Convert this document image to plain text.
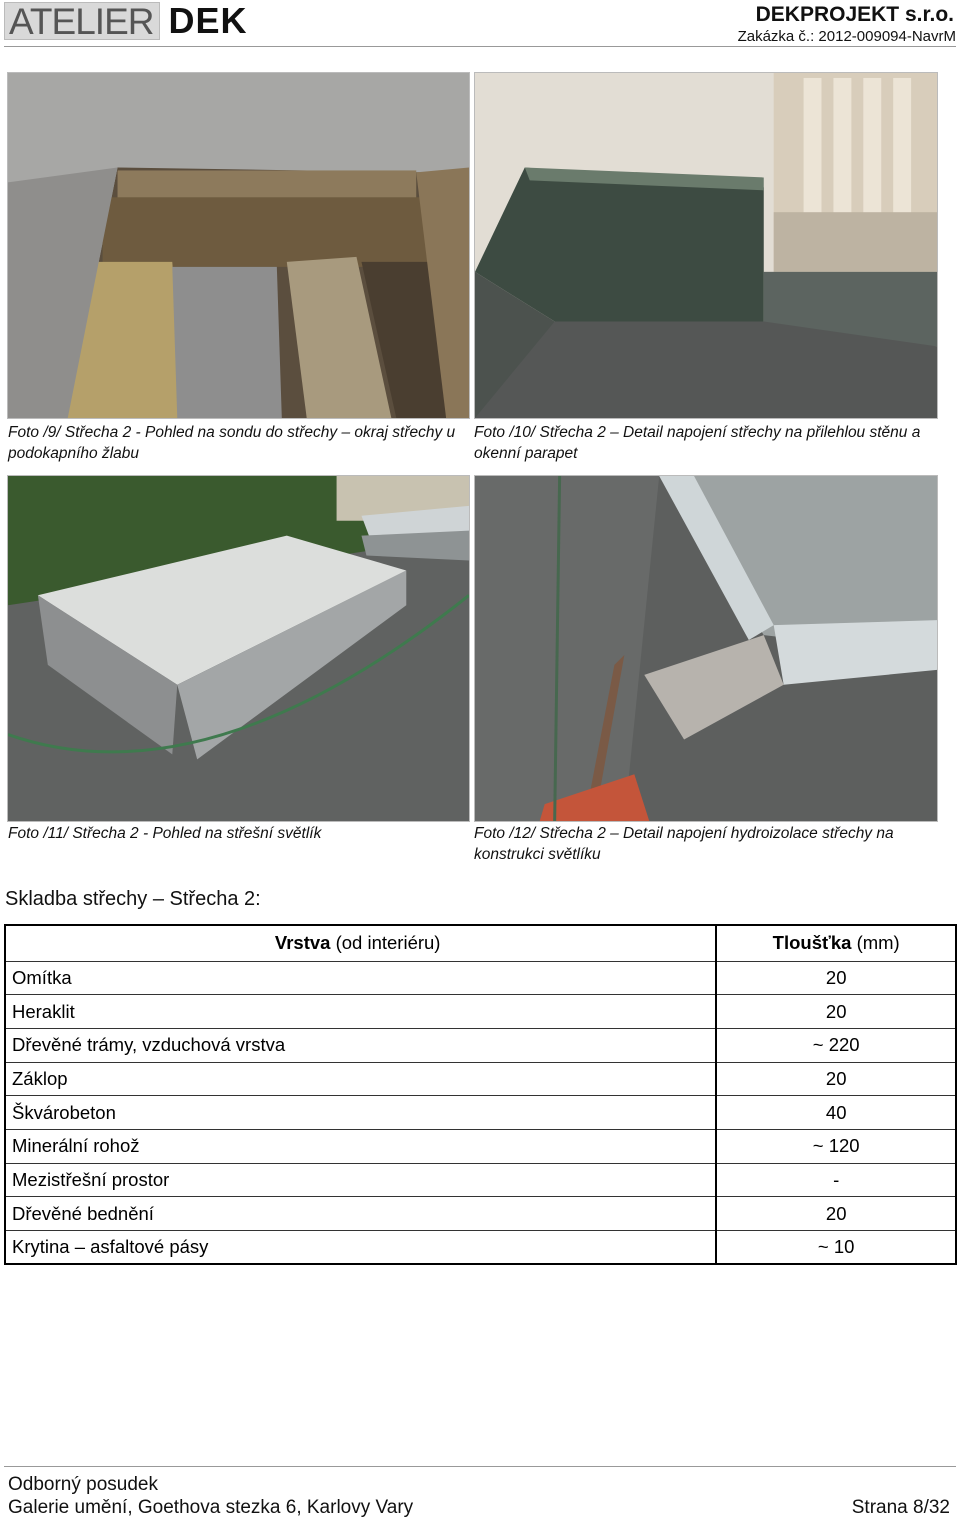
ATELIER DEK	DEKPROJEKT s.r.o.
Zakázka č.: 2012-009094-NavrM
Foto /9/ Střecha 2 - Pohled na sondu do střechy – okraj střechy u podokapního žlabu
Foto /10/ Střecha 2 – Detail napojení střechy na přilehlou stěnu a okenní parapet
Foto /11/ Střecha 2 - Pohled na střešní světlík	Foto /12/ Střecha 2 – Detail napojení hydroizolace střechy na konstrukci světlíku
Skladba střechy – Střecha 2:
Vrstva (od interiéru)	Tloušťka (mm)
Omítka	20
Heraklit	20
Dřevěné trámy, vzduchová vrstva	~ 220
Záklop	20
Škvárobeton	40
Minerální rohož	~ 120
Mezistřešní prostor	-
Dřevěné bednění	20
Krytina – asfaltové pásy	~ 10
Odborný posudek
Galerie umění, Goethova stezka 6, Karlovy Vary	Strana 8/32
